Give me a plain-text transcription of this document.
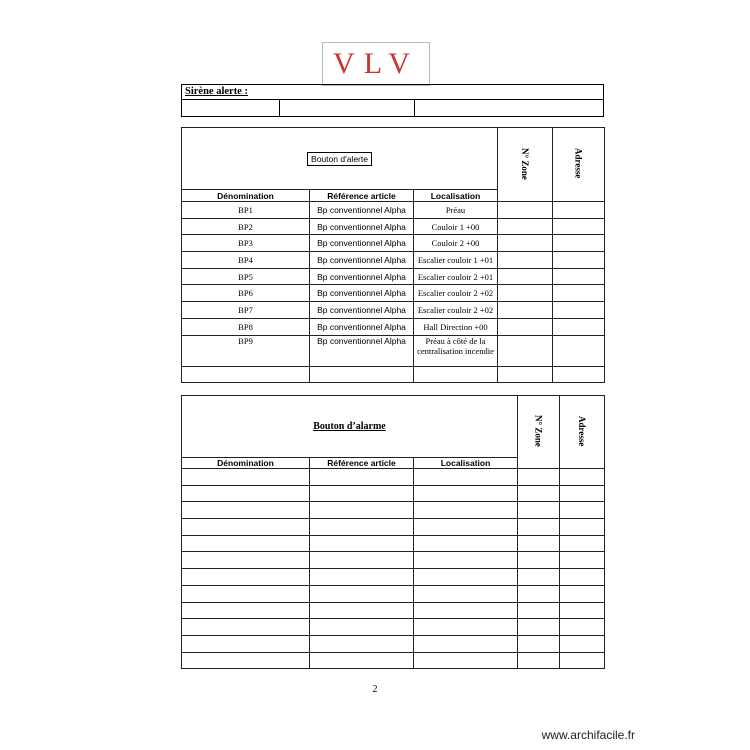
VLV
Sirène alerte :
Bouton d'alerte			N° Zone	Adresse
Dénomination	Référence article	Localisation		
BP1	Bp conventionnel Alpha	Préau		
BP2	Bp conventionnel Alpha	Couloir 1 +00		
BP3	Bp conventionnel Alpha	Couloir 2 +00		
BP4	Bp conventionnel Alpha	Escalier couloir 1 +01		
BP5	Bp conventionnel Alpha	Escalier couloir 2 +01		
BP6	Bp conventionnel Alpha	Escalier couloir 2 +02		
BP7	Bp conventionnel Alpha	Escalier couloir 2 +02		
BP8	Bp conventionnel Alpha	Hall Direction +00		
BP9	Bp conventionnel Alpha	Préau à côté de la centralisation incendie		

Bouton d’alarme			N° Zone	Adresse
Dénomination	Référence article	Localisation		

2
www.archifacile.fr
